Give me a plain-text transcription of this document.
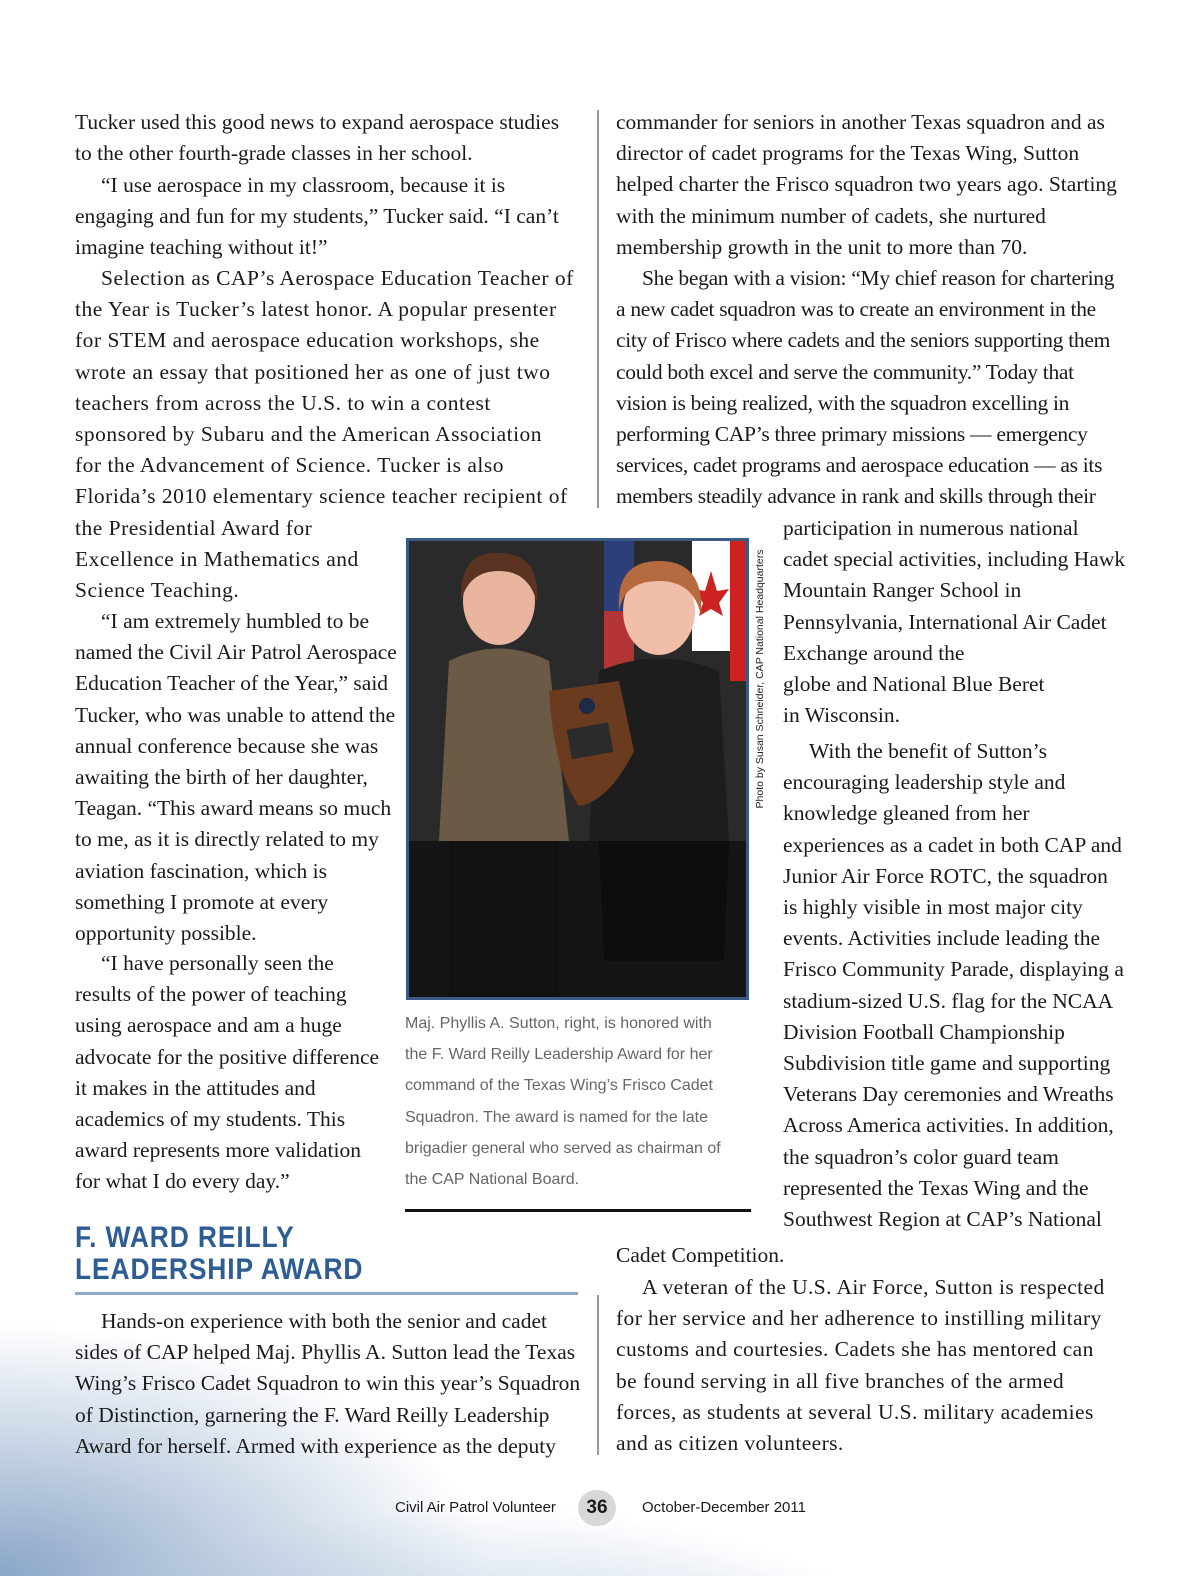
Tucker used this good news to expand aerospace studies
to the other fourth-grade classes in her school.
“I use aerospace in my classroom, because it is
engaging and fun for my students,” Tucker said. “I can’t
imagine teaching without it!”
Selection as CAP’s Aerospace Education Teacher of
the Year is Tucker’s latest honor. A popular presenter
for STEM and aerospace education workshops, she
wrote an essay that positioned her as one of just two
teachers from across the U.S. to win a contest
sponsored by Subaru and the American Association
for the Advancement of Science. Tucker is also
Florida’s 2010 elementary science teacher recipient of
the Presidential Award for
Excellence in Mathematics and
Science Teaching.
“I am extremely humbled to be
named the Civil Air Patrol Aerospace
Education Teacher of the Year,” said
Tucker, who was unable to attend the
annual conference because she was
awaiting the birth of her daughter,
Teagan. “This award means so much
to me, as it is directly related to my
aviation fascination, which is
something I promote at every
opportunity possible.
“I have personally seen the
results of the power of teaching
using aerospace and am a huge
advocate for the positive difference
it makes in the attitudes and
academics of my students. This
award represents more validation
for what I do every day.”
F. WARD REILLY
LEADERSHIP AWARD
Hands-on experience with both the senior and cadet
sides of CAP helped Maj. Phyllis A. Sutton lead the Texas
Wing’s Frisco Cadet Squadron to win this year’s Squadron
of Distinction, garnering the F. Ward Reilly Leadership
Award for herself. Armed with experience as the deputy
commander for seniors in another Texas squadron and as
director of cadet programs for the Texas Wing, Sutton
helped charter the Frisco squadron two years ago. Starting
with the minimum number of cadets, she nurtured
membership growth in the unit to more than 70.
She began with a vision: “My chief reason for chartering
a new cadet squadron was to create an environment in the
city of Frisco where cadets and the seniors supporting them
could both excel and serve the community.” Today that
vision is being realized, with the squadron excelling in
performing CAP’s three primary missions — emergency
services, cadet programs and aerospace education — as its
members steadily advance in rank and skills through their
participation in numerous national
cadet special activities, including Hawk
Mountain Ranger School in
Pennsylvania, International Air Cadet
Exchange around the
globe and National Blue Beret
in Wisconsin.
With the benefit of Sutton’s
encouraging leadership style and
knowledge gleaned from her
experiences as a cadet in both CAP and
Junior Air Force ROTC, the squadron
is highly visible in most major city
events. Activities include leading the
Frisco Community Parade, displaying a
stadium-sized U.S. flag for the NCAA
Division Football Championship
Subdivision title game and supporting
Veterans Day ceremonies and Wreaths
Across America activities. In addition,
the squadron’s color guard team
represented the Texas Wing and the
Southwest Region at CAP’s National
Cadet Competition.
A veteran of the U.S. Air Force, Sutton is respected
for her service and her adherence to instilling military
customs and courtesies. Cadets she has mentored can
be found serving in all five branches of the armed
forces, as students at several U.S. military academies
and as citizen volunteers.
Photo by Susan Schneider, CAP National Headquarters
Maj. Phyllis A. Sutton, right, is honored with
the F. Ward Reilly Leadership Award for her
command of the Texas Wing’s Frisco Cadet
Squadron. The award is named for the late
brigadier general who served as chairman of
the CAP National Board.
Civil Air Patrol Volunteer	36	October-December 2011
